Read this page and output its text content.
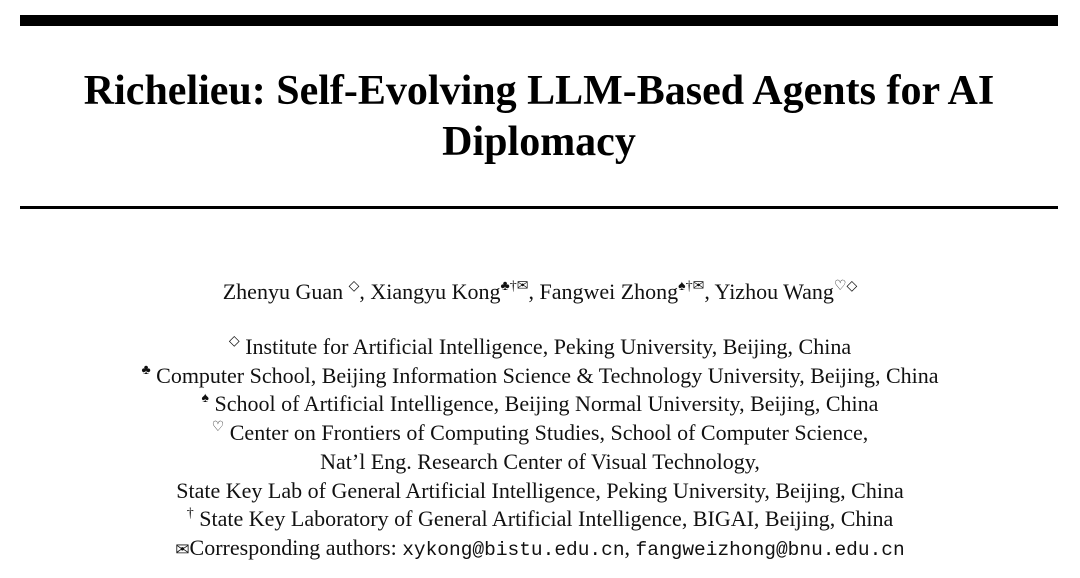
Richelieu: Self-Evolving LLM-Based Agents for AI
Diplomacy
Zhenyu Guan ◇, Xiangyu Kong♣†✉, Fangwei Zhong♠†✉, Yizhou Wang♡◇
◇ Institute for Artificial Intelligence, Peking University, Beijing, China
♣ Computer School, Beijing Information Science & Technology University, Beijing, China
♠ School of Artificial Intelligence, Beijing Normal University, Beijing, China
♡ Center on Frontiers of Computing Studies, School of Computer Science,
Nat’l Eng. Research Center of Visual Technology,
State Key Lab of General Artificial Intelligence, Peking University, Beijing, China
† State Key Laboratory of General Artificial Intelligence, BIGAI, Beijing, China
✉Corresponding authors: xykong@bistu.edu.cn, fangweizhong@bnu.edu.cn
